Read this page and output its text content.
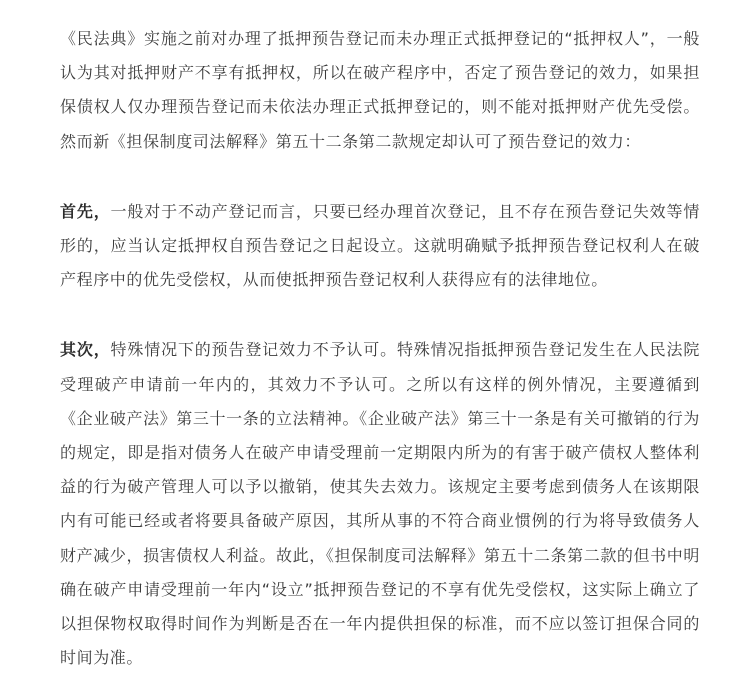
《民法典》实施之前对办理了抵押预告登记而未办理正式抵押登记的“抵押权人”，一般认为其对抵押财产不享有抵押权，所以在破产程序中，否定了预告登记的效力，如果担保债权人仅办理预告登记而未依法办理正式抵押登记的，则不能对抵押财产优先受偿。然而新《担保制度司法解释》第五十二条第二款规定却认可了预告登记的效力：

首先，一般对于不动产登记而言，只要已经办理首次登记，且不存在预告登记失效等情形的，应当认定抵押权自预告登记之日起设立。这就明确赋予抵押预告登记权利人在破产程序中的优先受偿权，从而使抵押预告登记权利人获得应有的法律地位。

其次，特殊情况下的预告登记效力不予认可。特殊情况指抵押预告登记发生在人民法院受理破产申请前一年内的，其效力不予认可。之所以有这样的例外情况，主要遵循到《企业破产法》第三十一条的立法精神。《企业破产法》第三十一条是有关可撤销的行为的规定，即是指对债务人在破产申请受理前一定期限内所为的有害于破产债权人整体利益的行为破产管理人可以予以撤销，使其失去效力。该规定主要考虑到债务人在该期限内有可能已经或者将要具备破产原因，其所从事的不符合商业惯例的行为将导致债务人财产减少，损害债权人利益。故此，《担保制度司法解释》第五十二条第二款的但书中明确在破产申请受理前一年内“设立”抵押预告登记的不享有优先受偿权，这实际上确立了以担保物权取得时间作为判断是否在一年内提供担保的标准，而不应以签订担保合同的时间为准。
